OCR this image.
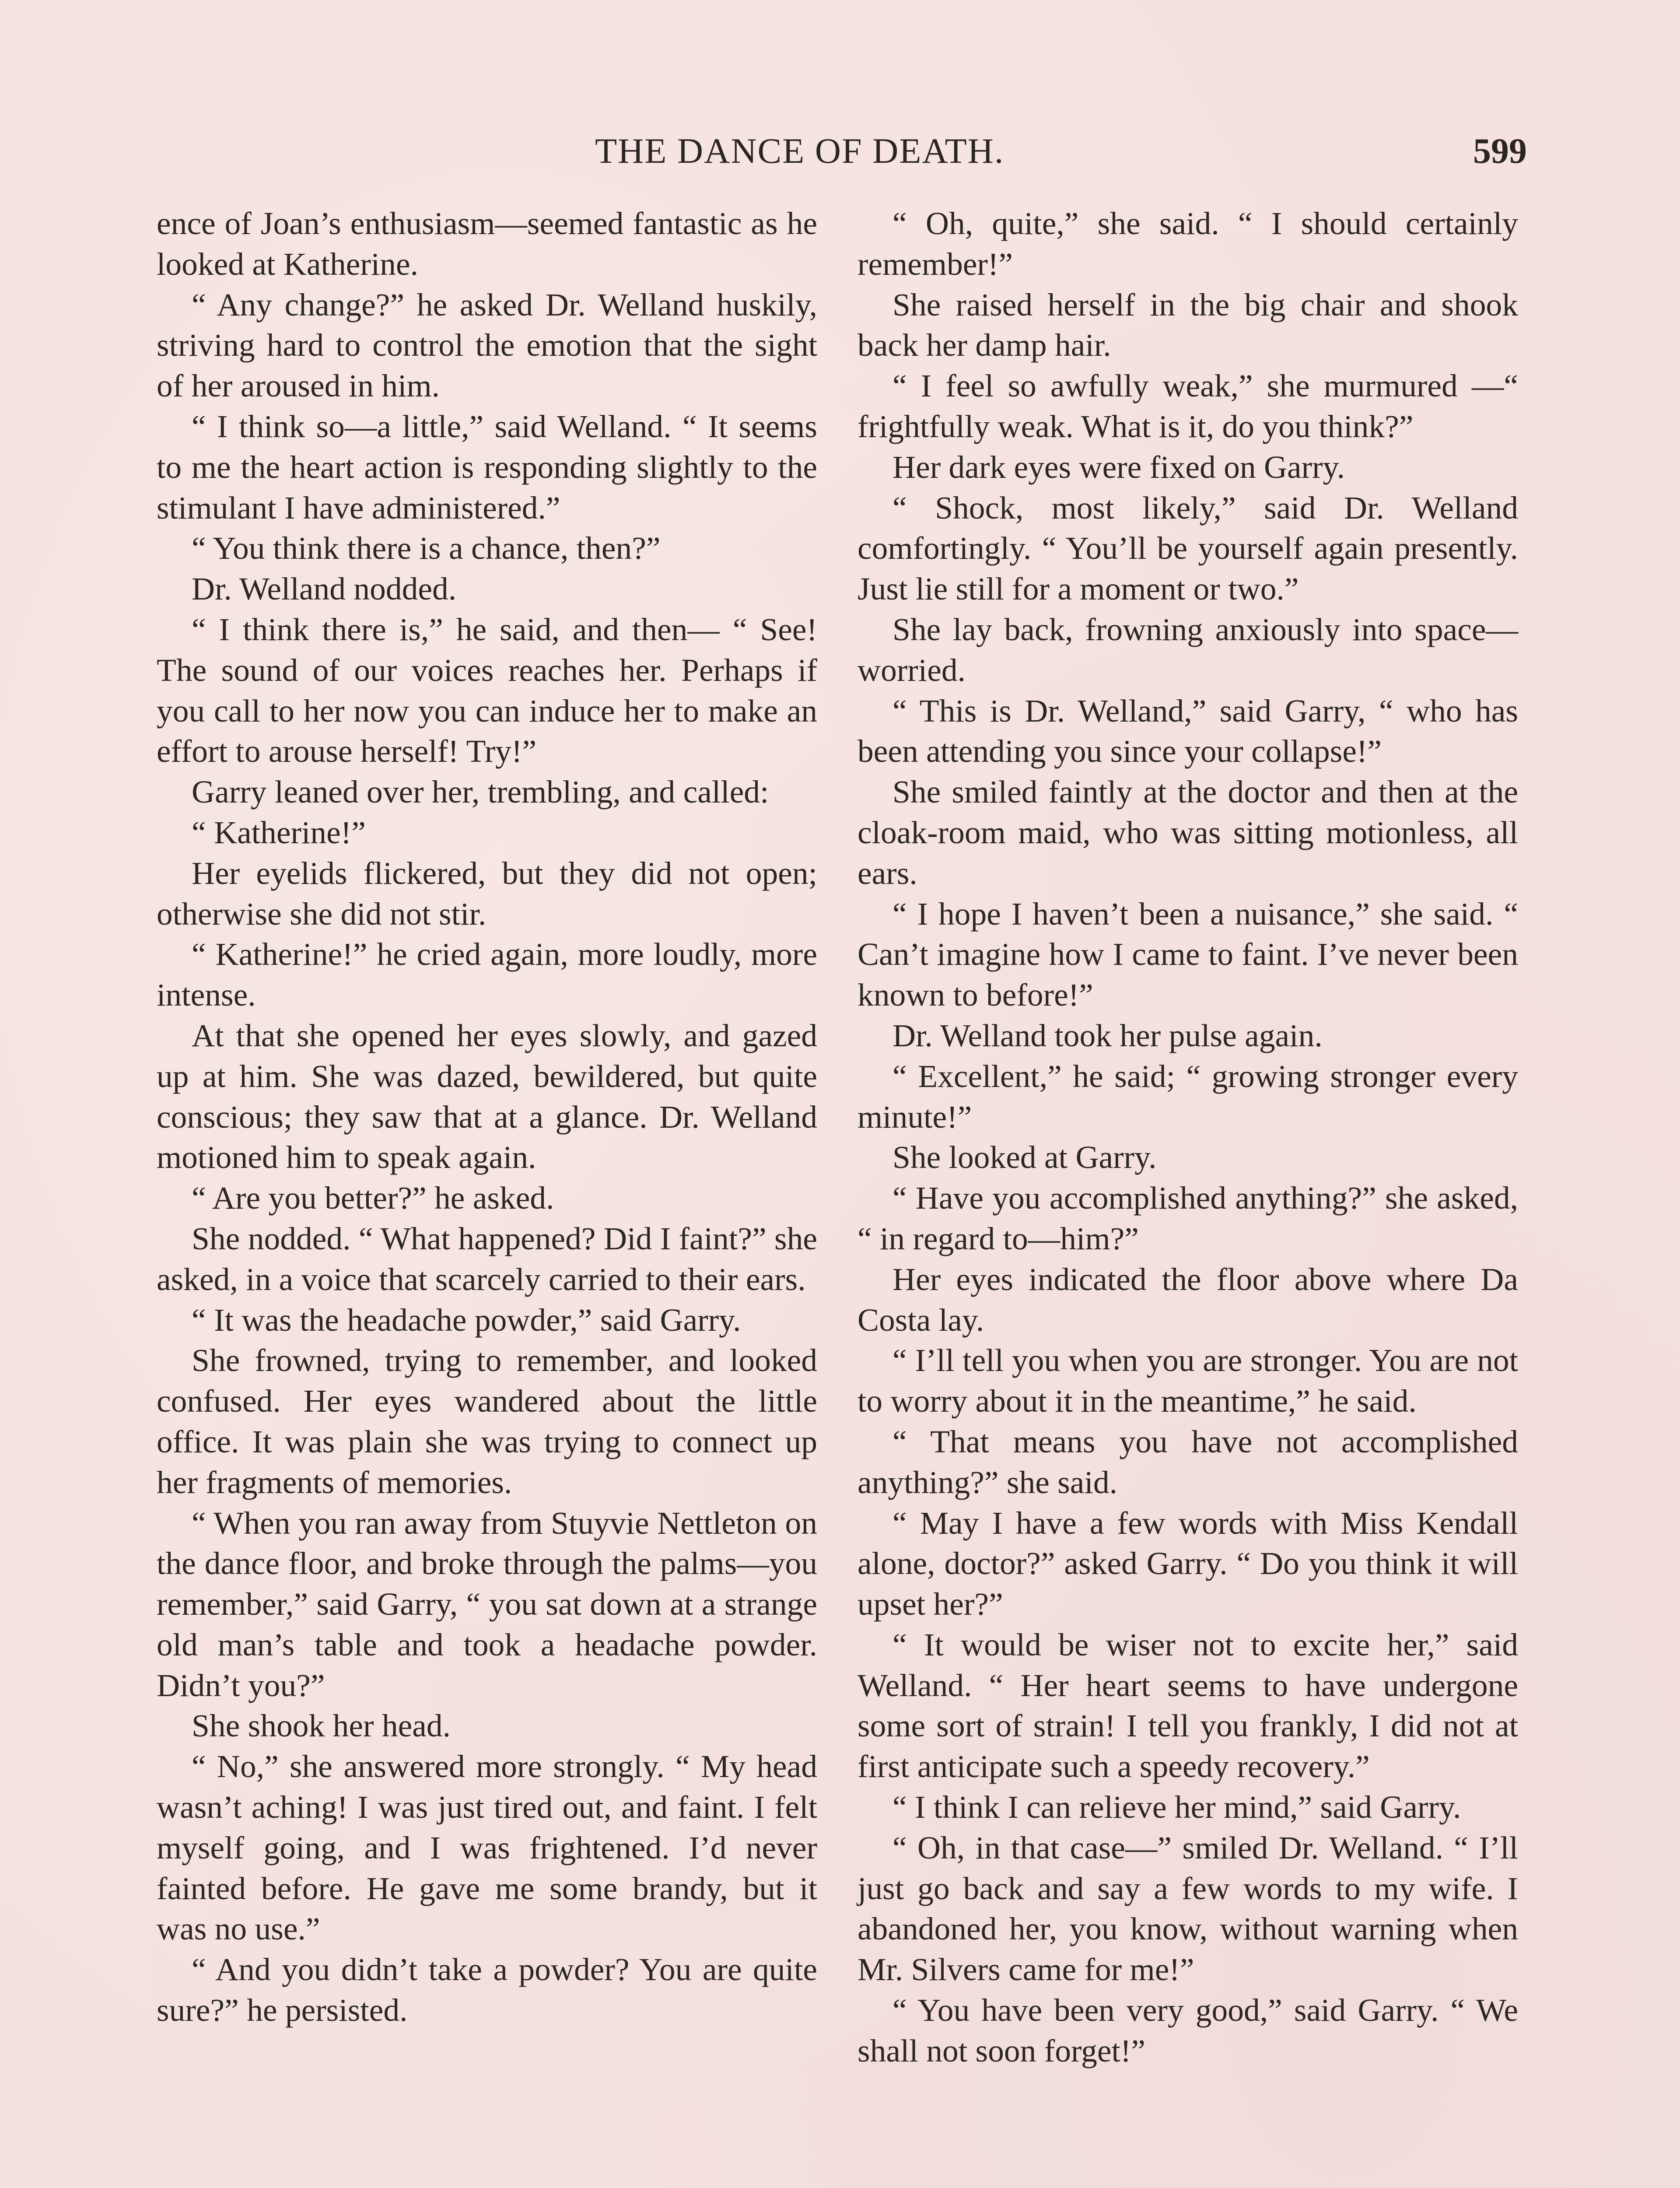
THE DANCE OF DEATH.	599

ence of Joan’s enthusiasm—seemed fantastic as he looked at Katherine.

“ Any change?” he asked Dr. Welland huskily, striving hard to control the emotion that the sight of her aroused in him.

“ I think so—a little,” said Welland. “ It seems to me the heart action is responding slightly to the stimulant I have administered.”

“ You think there is a chance, then?”

Dr. Welland nodded.

“ I think there is,” he said, and then— “ See! The sound of our voices reaches her. Perhaps if you call to her now you can induce her to make an effort to arouse herself! Try!”

Garry leaned over her, trembling, and called:

“ Katherine!”

Her eyelids flickered, but they did not open; otherwise she did not stir.

“ Katherine!” he cried again, more loudly, more intense.

At that she opened her eyes slowly, and gazed up at him. She was dazed, bewildered, but quite conscious; they saw that at a glance. Dr. Welland motioned him to speak again.

“ Are you better?” he asked.

She nodded. “ What happened? Did I faint?” she asked, in a voice that scarcely carried to their ears.

“ It was the headache powder,” said Garry.

She frowned, trying to remember, and looked confused. Her eyes wandered about the little office. It was plain she was trying to connect up her fragments of memories.

“ When you ran away from Stuyvie Nettleton on the dance floor, and broke through the palms—you remember,” said Garry, “ you sat down at a strange old man’s table and took a headache powder. Didn’t you?”

She shook her head.

“ No,” she answered more strongly. “ My head wasn’t aching! I was just tired out, and faint. I felt myself going, and I was frightened. I’d never fainted before. He gave me some brandy, but it was no use.”

“ And you didn’t take a powder? You are quite sure?” he persisted.

“ Oh, quite,” she said. “ I should certainly remember!”

She raised herself in the big chair and shook back her damp hair.

“ I feel so awfully weak,” she murmured —“ frightfully weak. What is it, do you think?”

Her dark eyes were fixed on Garry.

“ Shock, most likely,” said Dr. Welland comfortingly. “ You’ll be yourself again presently. Just lie still for a moment or two.”

She lay back, frowning anxiously into space—worried.

“ This is Dr. Welland,” said Garry, “ who has been attending you since your collapse!”

She smiled faintly at the doctor and then at the cloak-room maid, who was sitting motionless, all ears.

“ I hope I haven’t been a nuisance,” she said. “ Can’t imagine how I came to faint. I’ve never been known to before!”

Dr. Welland took her pulse again.

“ Excellent,” he said; “ growing stronger every minute!”

She looked at Garry.

“ Have you accomplished anything?” she asked, “ in regard to—him?”

Her eyes indicated the floor above where Da Costa lay.

“ I’ll tell you when you are stronger. You are not to worry about it in the meantime,” he said.

“ That means you have not accomplished anything?” she said.

“ May I have a few words with Miss Kendall alone, doctor?” asked Garry. “ Do you think it will upset her?”

“ It would be wiser not to excite her,” said Welland. “ Her heart seems to have undergone some sort of strain! I tell you frankly, I did not at first anticipate such a speedy recovery.”

“ I think I can relieve her mind,” said Garry.

“ Oh, in that case—” smiled Dr. Welland. “ I’ll just go back and say a few words to my wife. I abandoned her, you know, without warning when Mr. Silvers came for me!”

“ You have been very good,” said Garry. “ We shall not soon forget!”
